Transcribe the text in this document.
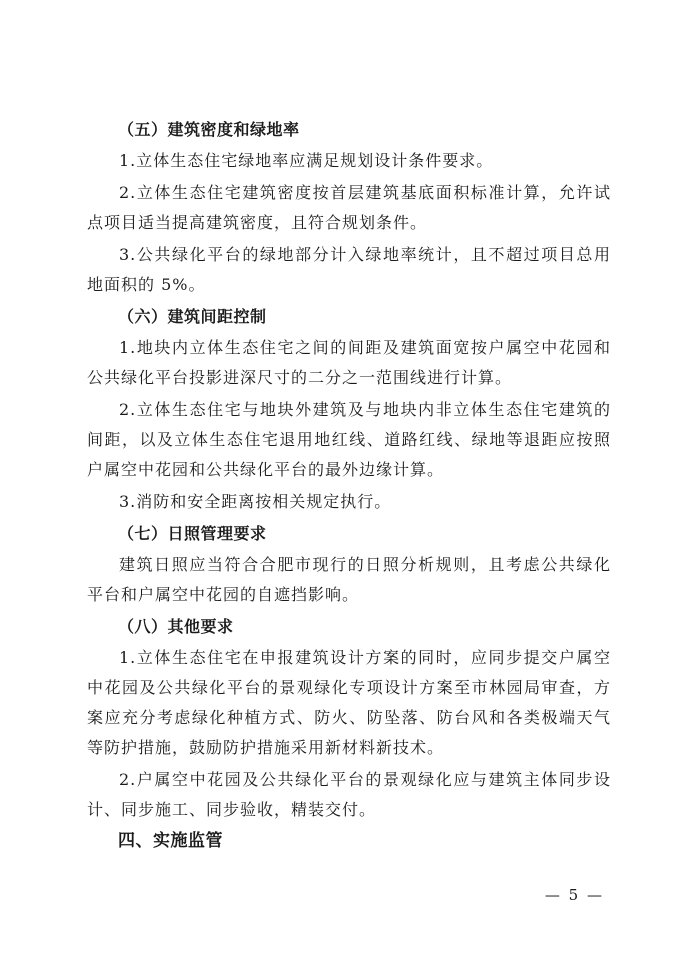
（五）建筑密度和绿地率

1.立体生态住宅绿地率应满足规划设计条件要求。

2.立体生态住宅建筑密度按首层建筑基底面积标准计算，允许试点项目适当提高建筑密度，且符合规划条件。

3.公共绿化平台的绿地部分计入绿地率统计，且不超过项目总用地面积的 5%。

（六）建筑间距控制

1.地块内立体生态住宅之间的间距及建筑面宽按户属空中花园和公共绿化平台投影进深尺寸的二分之一范围线进行计算。

2.立体生态住宅与地块外建筑及与地块内非立体生态住宅建筑的间距，以及立体生态住宅退用地红线、道路红线、绿地等退距应按照户属空中花园和公共绿化平台的最外边缘计算。

3.消防和安全距离按相关规定执行。

（七）日照管理要求

建筑日照应当符合合肥市现行的日照分析规则，且考虑公共绿化平台和户属空中花园的自遮挡影响。

（八）其他要求

1.立体生态住宅在申报建筑设计方案的同时，应同步提交户属空中花园及公共绿化平台的景观绿化专项设计方案至市林园局审查，方案应充分考虑绿化种植方式、防火、防坠落、防台风和各类极端天气等防护措施，鼓励防护措施采用新材料新技术。

2.户属空中花园及公共绿化平台的景观绿化应与建筑主体同步设计、同步施工、同步验收，精装交付。

四、实施监管

— 5 —
